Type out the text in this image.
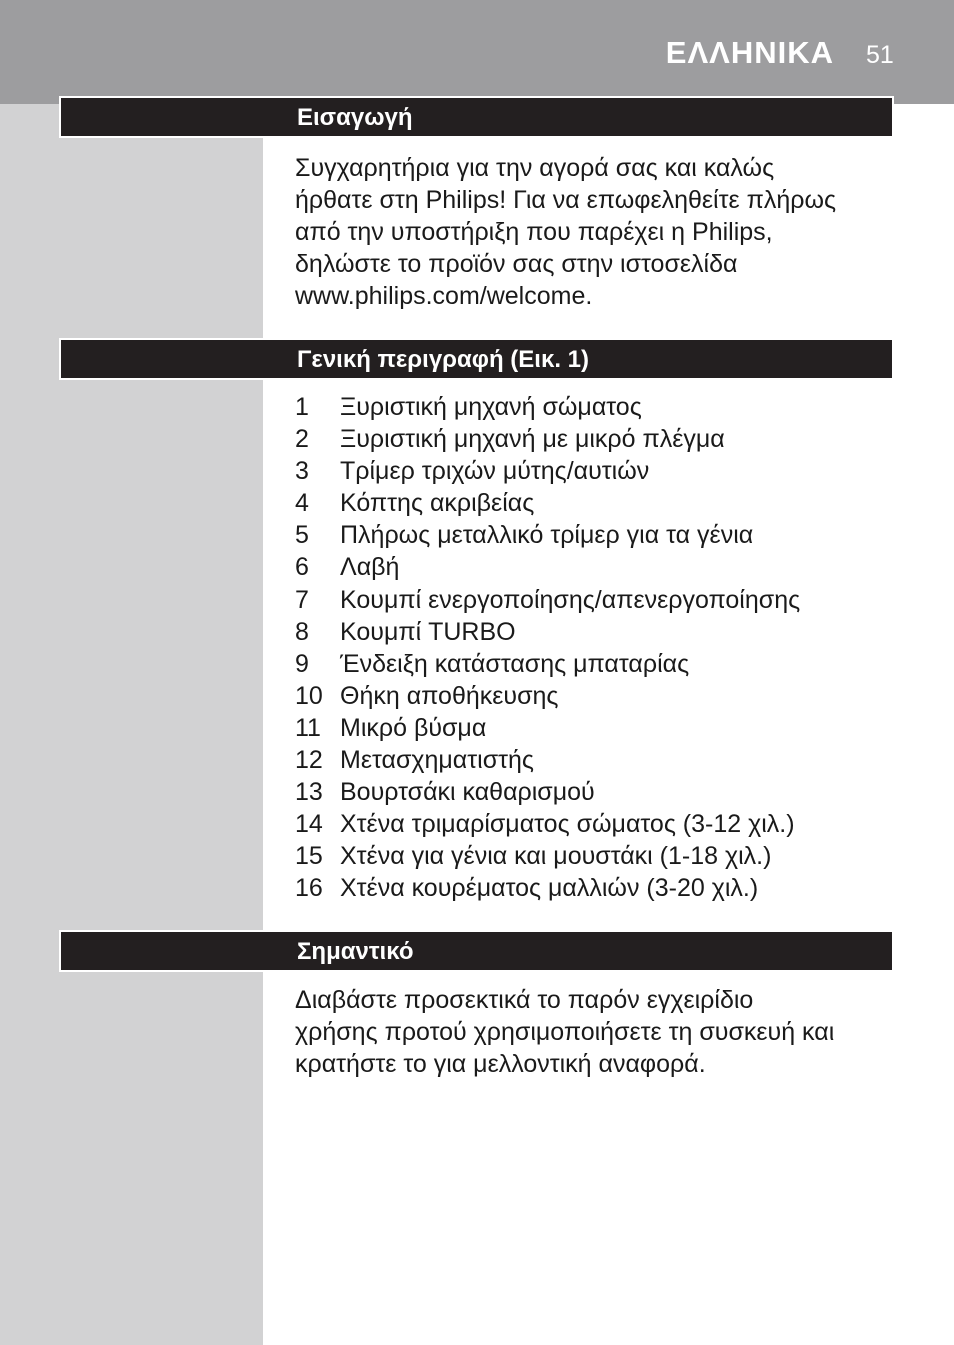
ΕΛΛΗΝΙΚΑ 51
Εισαγωγή
Συγχαρητήρια για την αγορά σας και καλώς
ήρθατε στη Philips! Για να επωφεληθείτε πλήρως
από την υποστήριξη που παρέχει η Philips,
δηλώστε το προϊόν σας στην ιστοσελίδα
www.philips.com/welcome.
Γενική περιγραφή (Εικ. 1)
1	Ξυριστική μηχανή σώματος
2	Ξυριστική μηχανή με μικρό πλέγμα
3	Τρίμερ τριχών μύτης/αυτιών
4	Κόπτης ακριβείας
5	Πλήρως μεταλλικό τρίμερ για τα γένια
6	Λαβή
7	Κουμπί ενεργοποίησης/απενεργοποίησης
8	Κουμπί TURBO
9	Ένδειξη κατάστασης μπαταρίας
10 Θήκη αποθήκευσης
11 Μικρό βύσμα
12 Μετασχηματιστής
13 Βουρτσάκι καθαρισμού
14 Χτένα τριμαρίσματος σώματος (3-12 χιλ.)
15 Χτένα για γένια και μουστάκι (1-18 χιλ.)
16 Χτένα κουρέματος μαλλιών (3-20 χιλ.)
Σημαντικό
Διαβάστε προσεκτικά το παρόν εγχειρίδιο
χρήσης προτού χρησιμοποιήσετε τη συσκευή και
κρατήστε το για μελλοντική αναφορά.
